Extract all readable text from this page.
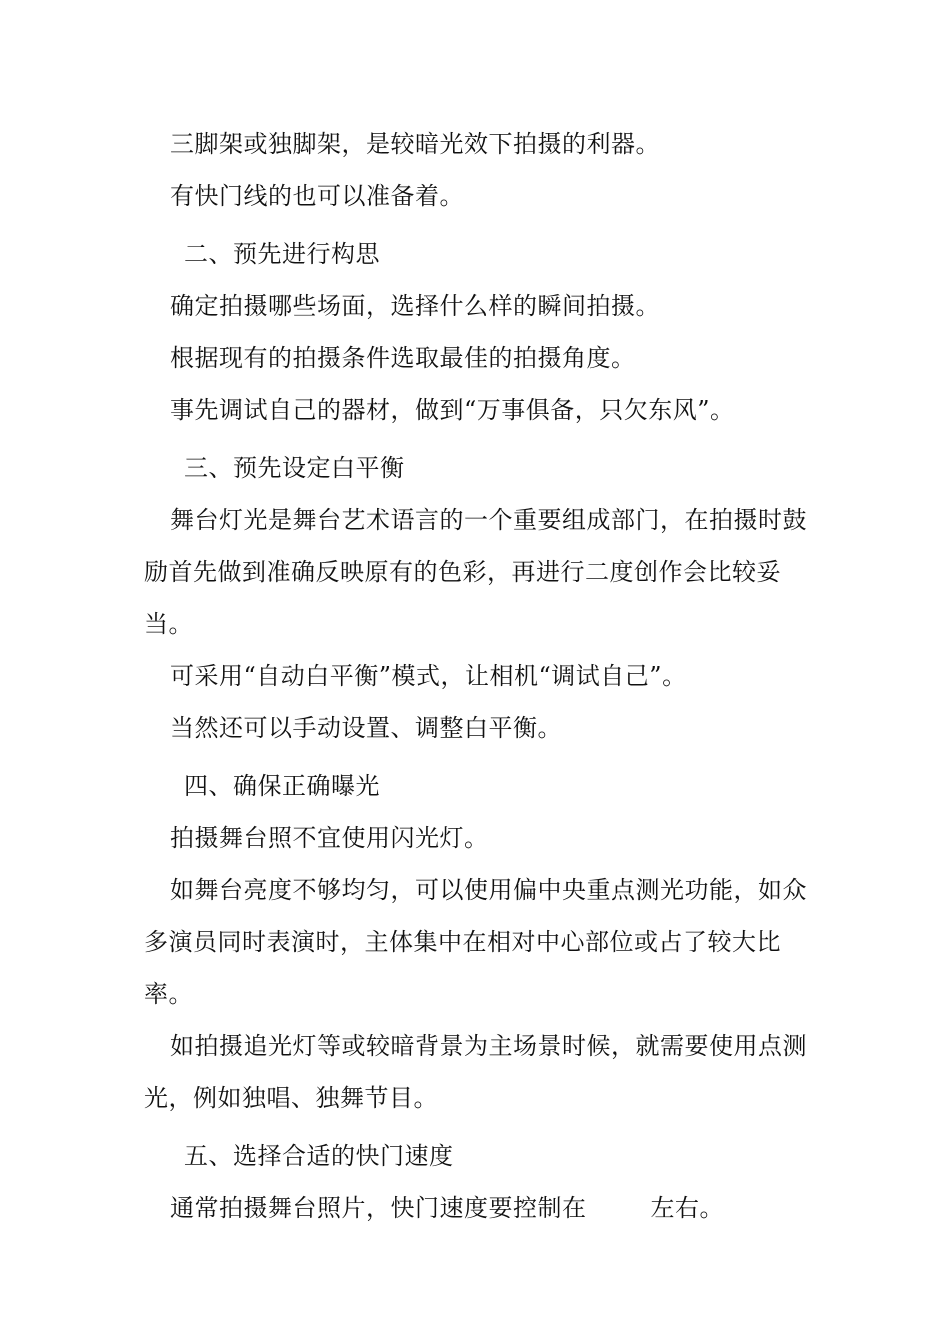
三脚架或独脚架，是较暗光效下拍摄的利器。

有快门线的也可以准备着。

二、预先进行构思

确定拍摄哪些场面，选择什么样的瞬间拍摄。

根据现有的拍摄条件选取最佳的拍摄角度。

事先调试自己的器材，做到“万事俱备，只欠东风”。

三、预先设定白平衡

舞台灯光是舞台艺术语言的一个重要组成部门，在拍摄时鼓励首先做到准确反映原有的色彩，再进行二度创作会比较妥当。

可采用“自动白平衡”模式，让相机“调试自己”。

当然还可以手动设置、调整白平衡。

四、确保正确曝光

拍摄舞台照不宜使用闪光灯。

如舞台亮度不够均匀，可以使用偏中央重点测光功能，如众多演员同时表演时，主体集中在相对中心部位或占了较大比率。

如拍摄追光灯等或较暗背景为主场景时候，就需要使用点测光，例如独唱、独舞节目。

五、选择合适的快门速度

通常拍摄舞台照片，快门速度要控制在	左右。
